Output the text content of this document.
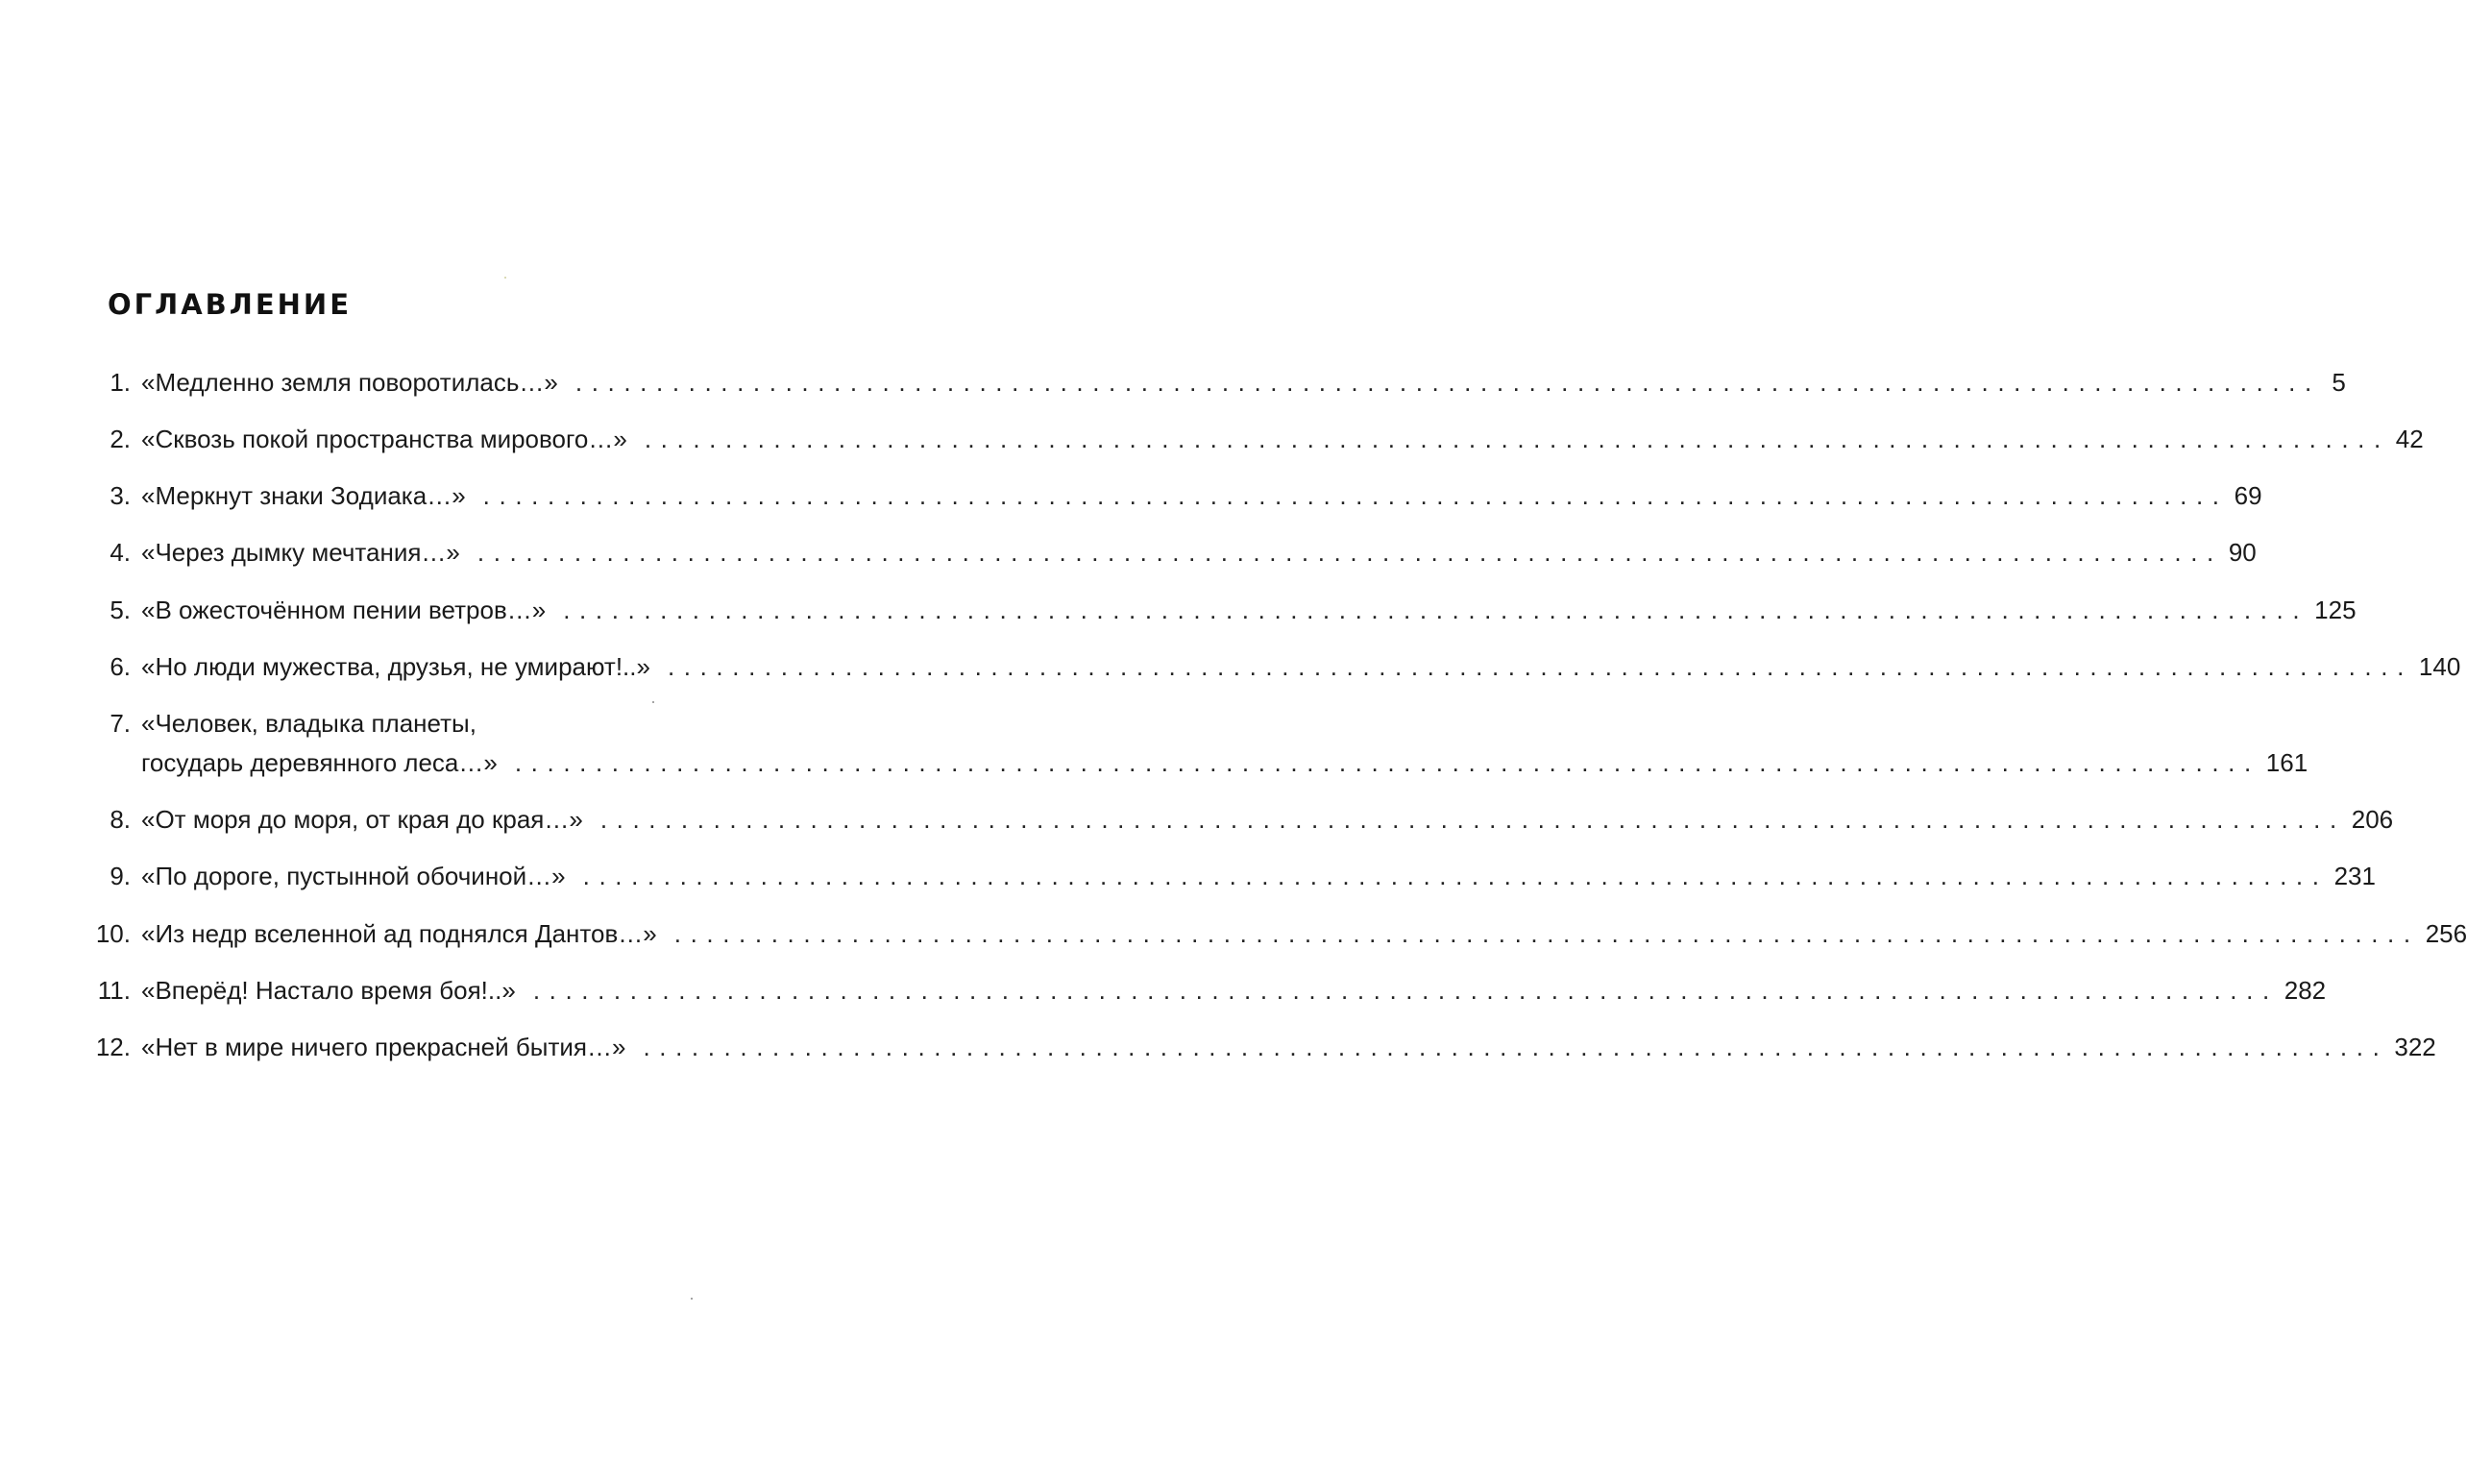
ОГЛАВЛЕНИЕ
1. «Медленно земля поворотилась…» ............................................................................................................ 5
2. «Сквозь покой пространства мирового…» ............................................................................................................ 42
3. «Меркнут знаки Зодиака…» ............................................................................................................ 69
4. «Через дымку мечтания…» ............................................................................................................ 90
5. «В ожесточённом пении ветров…» ............................................................................................................ 125
6. «Но люди мужества, друзья, не умирают!..» ............................................................................................................ 140
7. «Человек, владыка планеты,
государь деревянного леса…» ............................................................................................................ 161
8. «От моря до моря, от края до края…» ............................................................................................................ 206
9. «По дороге, пустынной обочиной…» ............................................................................................................ 231
10. «Из недр вселенной ад поднялся Дантов…» ............................................................................................................ 256
11. «Вперёд! Настало время боя!..» ............................................................................................................ 282
12. «Нет в мире ничего прекрасней бытия…» ............................................................................................................ 322
